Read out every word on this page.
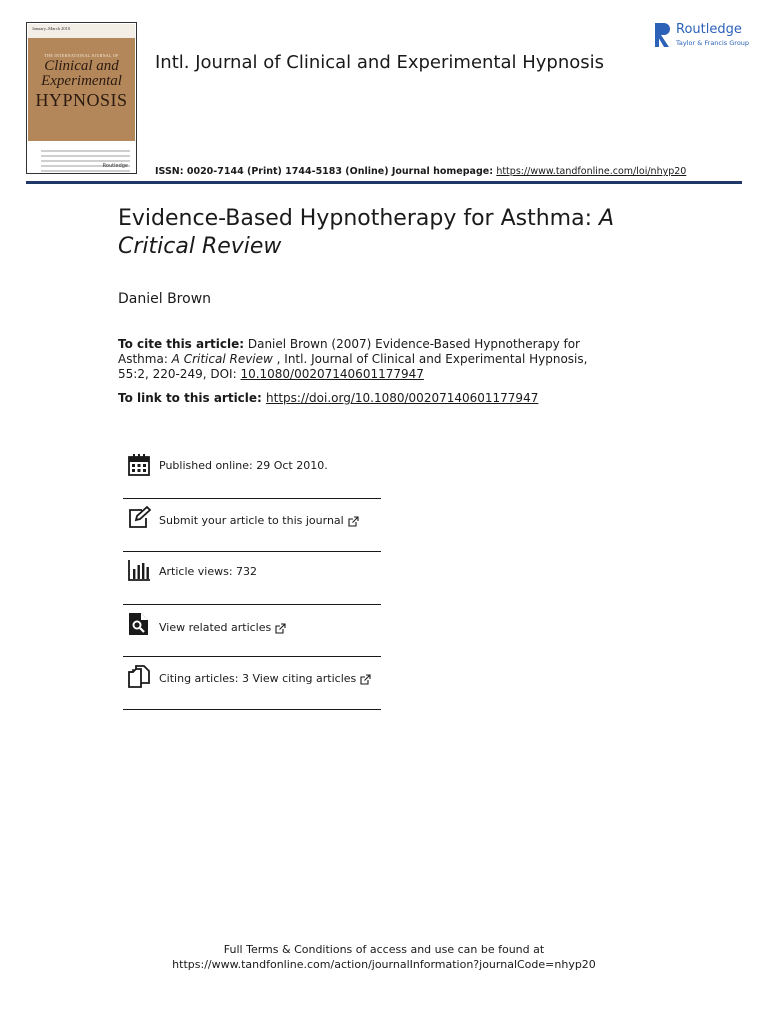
January–March 2010
THE INTERNATIONAL JOURNAL OF
Clinical and
Experimental
HYPNOSIS
Routledge
Intl. Journal of Clinical and Experimental Hypnosis
ISSN: 0020-7144 (Print) 1744-5183 (Online) Journal homepage: https://www.tandfonline.com/loi/nhyp20
Routledge
Taylor & Francis Group
Evidence-Based Hypnotherapy for Asthma: A Critical Review
Daniel Brown
To cite this article: Daniel Brown (2007) Evidence-Based Hypnotherapy for Asthma: A Critical Review , Intl. Journal of Clinical and Experimental Hypnosis, 55:2, 220-249, DOI: 10.1080/00207140601177947
To link to this article: https://doi.org/10.1080/00207140601177947
Published online: 29 Oct 2010.
Submit your article to this journal
Article views: 732
View related articles
Citing articles: 3 View citing articles
Full Terms & Conditions of access and use can be found at
https://www.tandfonline.com/action/journalInformation?journalCode=nhyp20
